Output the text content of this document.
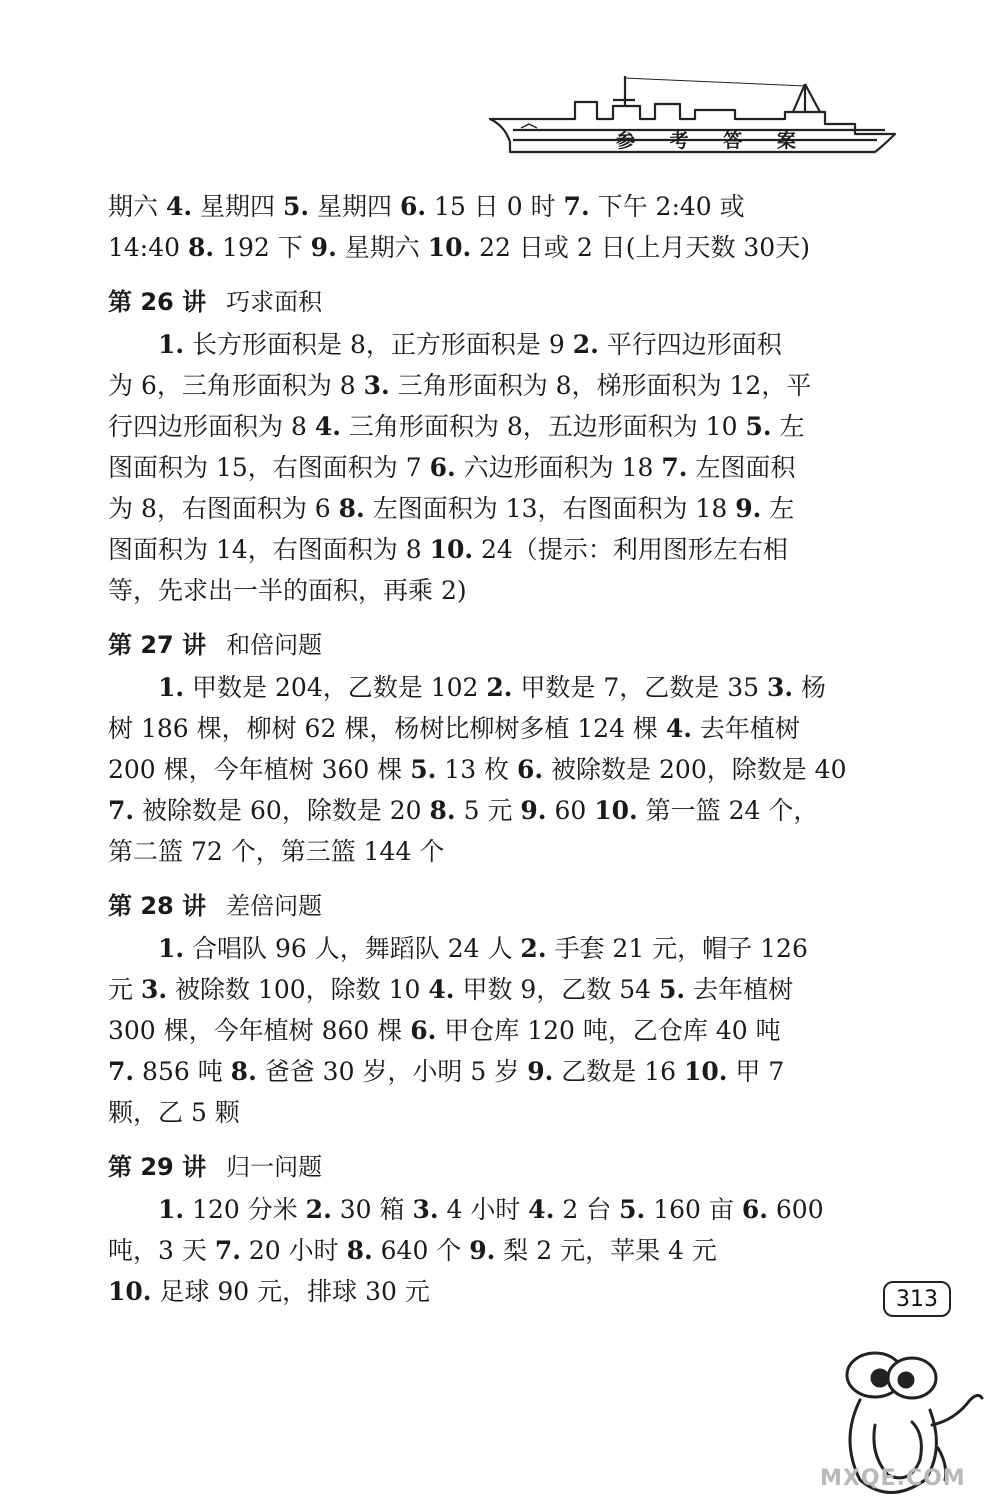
参 考 答 案

期六 4. 星期四 5. 星期四 6. 15 日 0 时 7. 下午 2:40 或

14:40 8. 192 下 9. 星期六 10. 22 日或 2 日(上月天数 30天)

第 26 讲 巧求面积

1. 长方形面积是 8，正方形面积是 9 2. 平行四边形面积

为 6，三角形面积为 8 3. 三角形面积为 8，梯形面积为 12，平

行四边形面积为 8 4. 三角形面积为 8，五边形面积为 10 5. 左

图面积为 15，右图面积为 7 6. 六边形面积为 18 7. 左图面积

为 8，右图面积为 6 8. 左图面积为 13，右图面积为 18 9. 左

图面积为 14，右图面积为 8 10. 24（提示：利用图形左右相

等，先求出一半的面积，再乘 2)

第 27 讲 和倍问题

1. 甲数是 204，乙数是 102 2. 甲数是 7，乙数是 35 3. 杨

树 186 棵，柳树 62 棵，杨树比柳树多植 124 棵 4. 去年植树

200 棵，今年植树 360 棵 5. 13 枚 6. 被除数是 200，除数是 40

7. 被除数是 60，除数是 20 8. 5 元 9. 60 10. 第一篮 24 个，

第二篮 72 个，第三篮 144 个

第 28 讲 差倍问题

1. 合唱队 96 人，舞蹈队 24 人 2. 手套 21 元，帽子 126

元 3. 被除数 100，除数 10 4. 甲数 9，乙数 54 5. 去年植树

300 棵，今年植树 860 棵 6. 甲仓库 120 吨，乙仓库 40 吨

7. 856 吨 8. 爸爸 30 岁，小明 5 岁 9. 乙数是 16 10. 甲 7

颗，乙 5 颗

第 29 讲 归一问题

1. 120 分米 2. 30 箱 3. 4 小时 4. 2 台 5. 160 亩 6. 600

吨，3 天 7. 20 小时 8. 640 个 9. 梨 2 元，苹果 4 元

10. 足球 90 元，排球 30 元	313
MXQE.COM
